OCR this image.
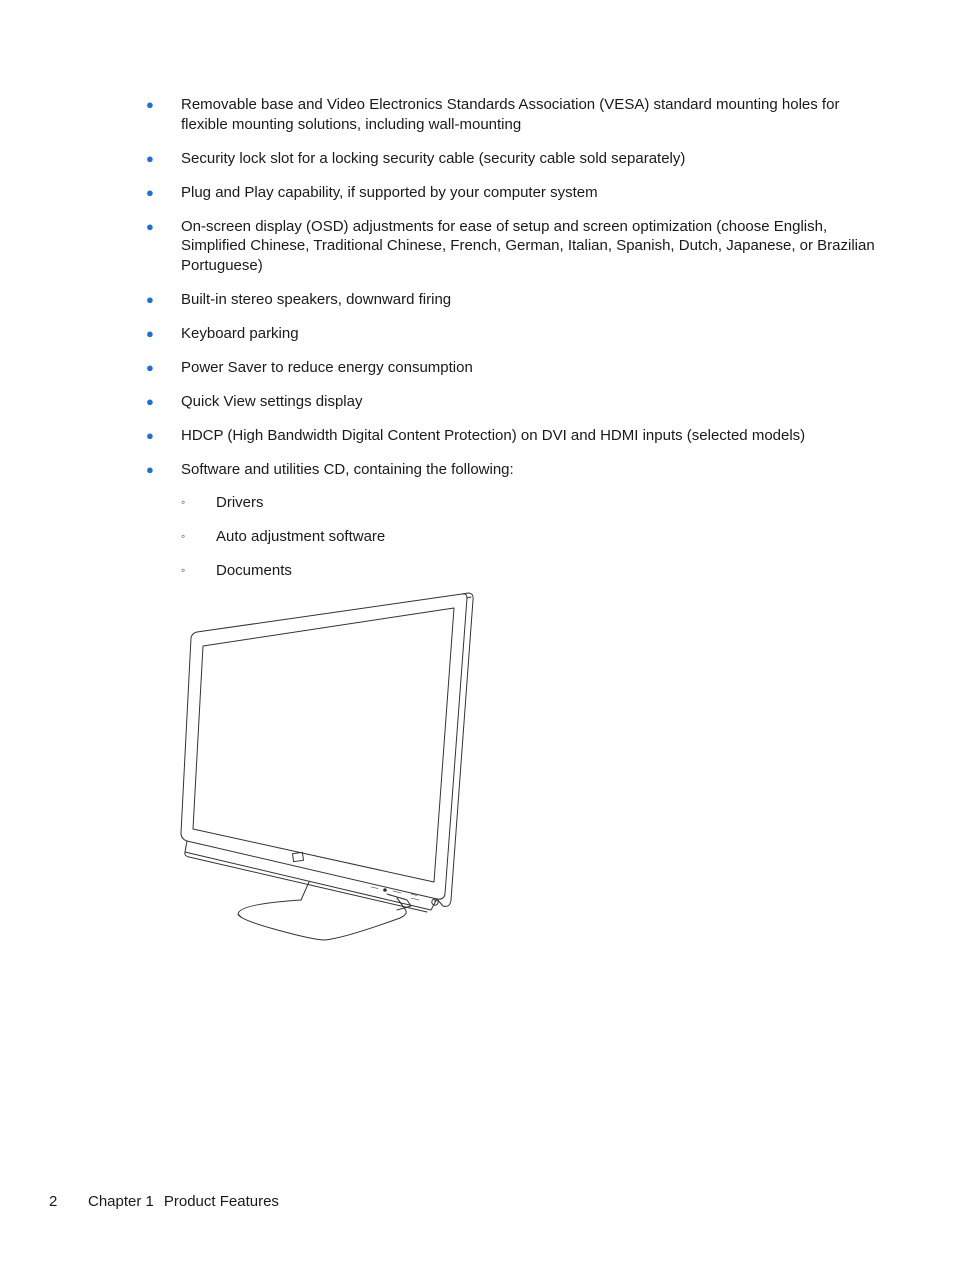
● Removable base and Video Electronics Standards Association (VESA) standard mounting holes for flexible mounting solutions, including wall-mounting
● Security lock slot for a locking security cable (security cable sold separately)
● Plug and Play capability, if supported by your computer system
● On-screen display (OSD) adjustments for ease of setup and screen optimization (choose English, Simplified Chinese, Traditional Chinese, French, German, Italian, Spanish, Dutch, Japanese, or Brazilian Portuguese)
● Built-in stereo speakers, downward firing
● Keyboard parking
● Power Saver to reduce energy consumption
● Quick View settings display
● HDCP (High Bandwidth Digital Content Protection) on DVI and HDMI inputs (selected models)
● Software and utilities CD, containing the following:
◦ Drivers
◦ Auto adjustment software
◦ Documents
2 Chapter 1 Product Features
